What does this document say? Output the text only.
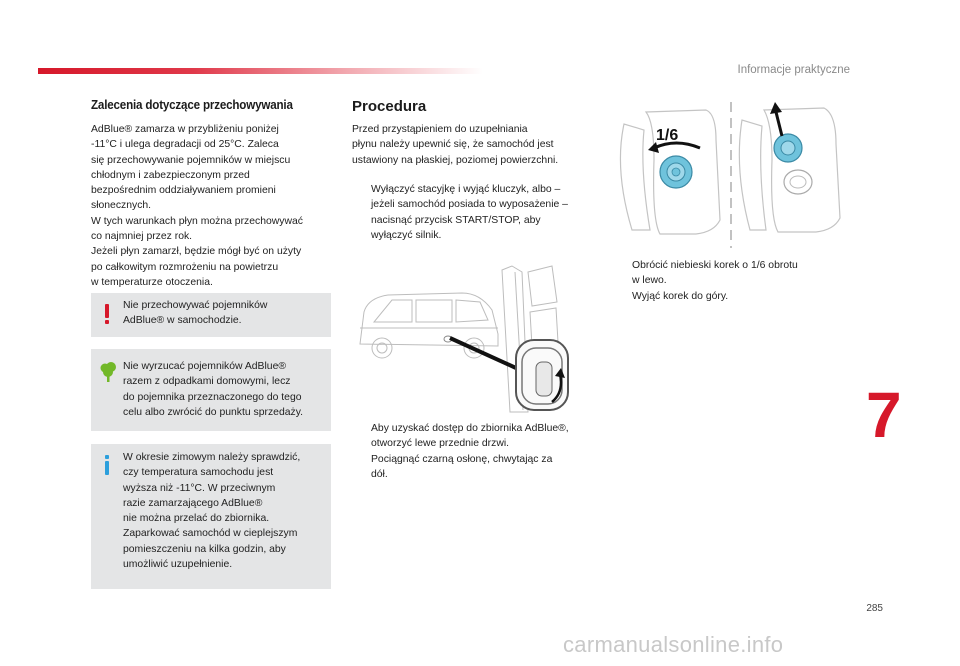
Informacje praktyczne
Zalecenia dotyczące przechowywania
AdBlue® zamarza w przybliżeniu poniżej
-11°C i ulega degradacji od 25°C. Zaleca
się przechowywanie pojemników w miejscu
chłodnym i zabezpieczonym przed
bezpośrednim oddziaływaniem promieni
słonecznych.
W tych warunkach płyn można przechowywać
co najmniej przez rok.
Jeżeli płyn zamarzł, będzie mógł być on użyty
po całkowitym rozmrożeniu na powietrzu
w temperaturze otoczenia.
Nie przechowywać pojemników
AdBlue® w samochodzie.
Nie wyrzucać pojemników AdBlue®
razem z odpadkami domowymi, lecz
do pojemnika przeznaczonego do tego
celu albo zwrócić do punktu sprzedaży.
W okresie zimowym należy sprawdzić,
czy temperatura samochodu jest
wyższa niż -11°C. W przeciwnym
razie zamarzającego AdBlue®
nie można przelać do zbiornika.
Zaparkować samochód w cieplejszym
pomieszczeniu na kilka godzin, aby
umożliwić uzupełnienie.
Procedura
Przed przystąpieniem do uzupełniania
płynu należy upewnić się, że samochód jest
ustawiony na płaskiej, poziomej powierzchni.
Wyłączyć stacyjkę i wyjąć kluczyk, albo –
jeżeli samochód posiada to wyposażenie –
nacisnąć przycisk START/STOP, aby
wyłączyć silnik.
Aby uzyskać dostęp do zbiornika AdBlue®,
otworzyć lewe przednie drzwi.
Pociągnąć czarną osłonę, chwytając za
dół.
1/6
Obrócić niebieski korek o 1/6 obrotu
w lewo.
Wyjąć korek do góry.
7
285
carmanualsonline.info
